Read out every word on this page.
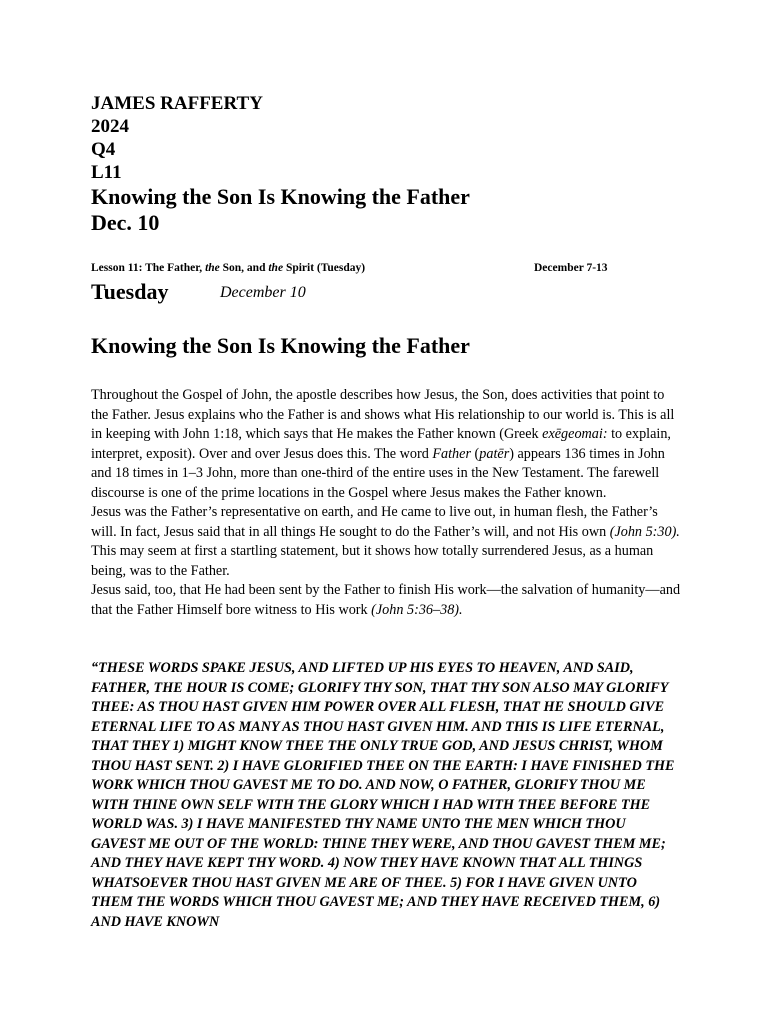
JAMES RAFFERTY
2024
Q4
L11
Knowing the Son Is Knowing the Father
Dec. 10
Lesson 11: The Father, the Son, and the Spirit (Tuesday)	December 7-13
Tuesday	December 10
Knowing the Son Is Knowing the Father

Throughout the Gospel of John, the apostle describes how Jesus, the Son, does activities that point to the Father. Jesus explains who the Father is and shows what His relationship to our world is. This is all in keeping with John 1:18, which says that He makes the Father known (Greek exēgeomai: to explain, interpret, exposit). Over and over Jesus does this. The word Father (patēr) appears 136 times in John and 18 times in 1–3 John, more than one-third of the entire uses in the New Testament. The farewell discourse is one of the prime locations in the Gospel where Jesus makes the Father known.

Jesus was the Father’s representative on earth, and He came to live out, in human flesh, the Father’s will. In fact, Jesus said that in all things He sought to do the Father’s will, and not His own (John 5:30). This may seem at first a startling statement, but it shows how totally surrendered Jesus, as a human being, was to the Father.

Jesus said, too, that He had been sent by the Father to finish His work—the salvation of humanity—and that the Father Himself bore witness to His work (John 5:36–38).

“THESE WORDS SPAKE JESUS, AND LIFTED UP HIS EYES TO HEAVEN, AND SAID, FATHER, THE HOUR IS COME; GLORIFY THY SON, THAT THY SON ALSO MAY GLORIFY THEE: AS THOU HAST GIVEN HIM POWER OVER ALL FLESH, THAT HE SHOULD GIVE ETERNAL LIFE TO AS MANY AS THOU HAST GIVEN HIM. AND THIS IS LIFE ETERNAL, THAT THEY 1) MIGHT KNOW THEE THE ONLY TRUE GOD, AND JESUS CHRIST, WHOM THOU HAST SENT. 2) I HAVE GLORIFIED THEE ON THE EARTH: I HAVE FINISHED THE WORK WHICH THOU GAVEST ME TO DO. AND NOW, O FATHER, GLORIFY THOU ME WITH THINE OWN SELF WITH THE GLORY WHICH I HAD WITH THEE BEFORE THE WORLD WAS. 3) I HAVE MANIFESTED THY NAME UNTO THE MEN WHICH THOU GAVEST ME OUT OF THE WORLD: THINE THEY WERE, AND THOU GAVEST THEM ME; AND THEY HAVE KEPT THY WORD. 4) NOW THEY HAVE KNOWN THAT ALL THINGS WHATSOEVER THOU HAST GIVEN ME ARE OF THEE. 5) FOR I HAVE GIVEN UNTO THEM THE WORDS WHICH THOU GAVEST ME; AND THEY HAVE RECEIVED THEM, 6) AND HAVE KNOWN
